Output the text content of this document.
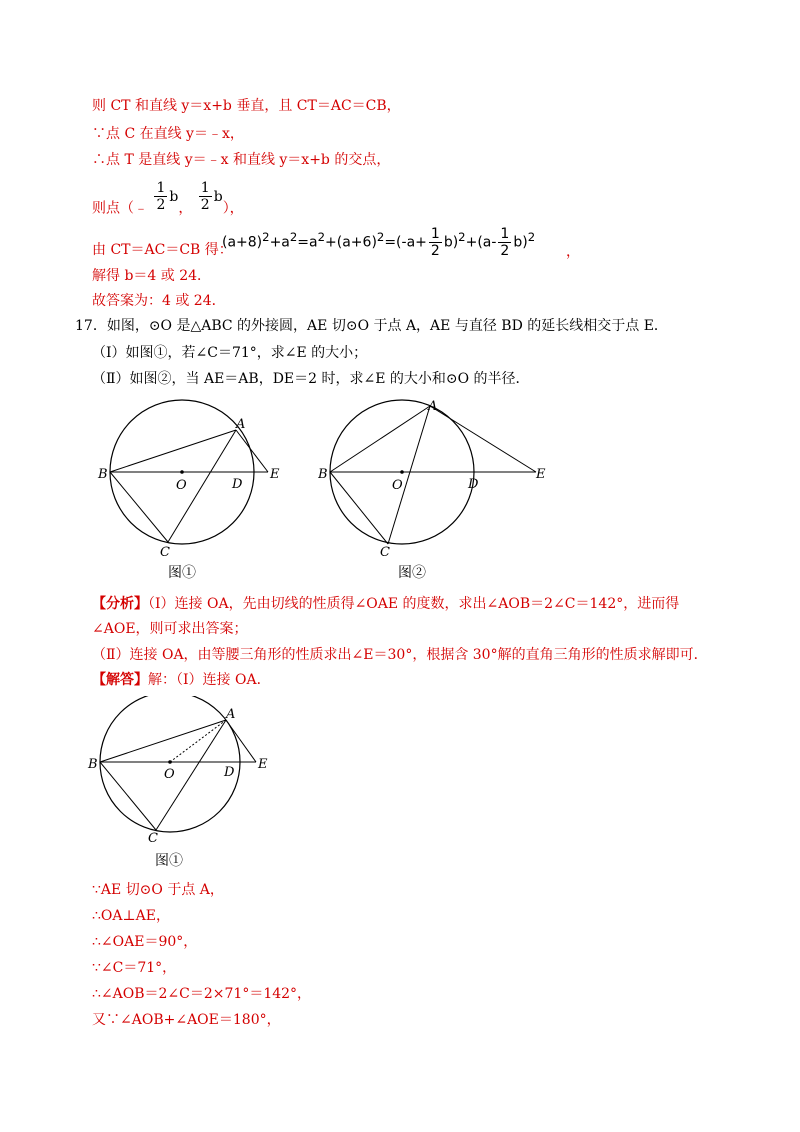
则 CT 和直线 y＝x+b 垂直，且 CT＝AC＝CB，
∵点 C 在直线 y＝﹣x，
∴点 T 是直线 y＝﹣x 和直线 y＝x+b 的交点，
则点（﹣ $\frac{1}{2}$ b， $\frac{1}{2} b$），
由 CT＝AC＝CB 得：
$(a+8)^2+a^2=a^2+(a+6)^2=(-a+ \frac{1}{2} b)^2+(a- \frac{1}{2} b)^2$
，
解得 b＝4 或 24．
故答案为：4 或 24．
17．如图，⊙O 是△ABC 的外接圆，AE 切⊙O 于点 A，AE 与直径 BD 的延长线相交于点 E．
（Ⅰ）如图①，若∠C＝71°，求∠E 的大小；
（Ⅱ）如图②，当 AE＝AB，DE＝2 时，求∠E 的大小和⊙O 的半径．
B
O	D
E
A
C
图①
B
O	D
E
A
C
图②
【分析】（Ⅰ）连接 OA，先由切线的性质得∠OAE 的度数，求出∠AOB＝2∠C＝142°，进而得
∠AOE，则可求出答案；
（Ⅱ）连接 OA，由等腰三角形的性质求出∠E＝30°，根据含 30°解的直角三角形的性质求解即可．
【解答】解：（Ⅰ）连接 OA．
B
O	D
E
A
C
图①
∵AE 切⊙O 于点 A，
∴OA⊥AE，
∴∠OAE＝90°，
∵∠C＝71°，
∴∠AOB＝2∠C＝2×71°＝142°，
又∵∠AOB+∠AOE＝180°，
